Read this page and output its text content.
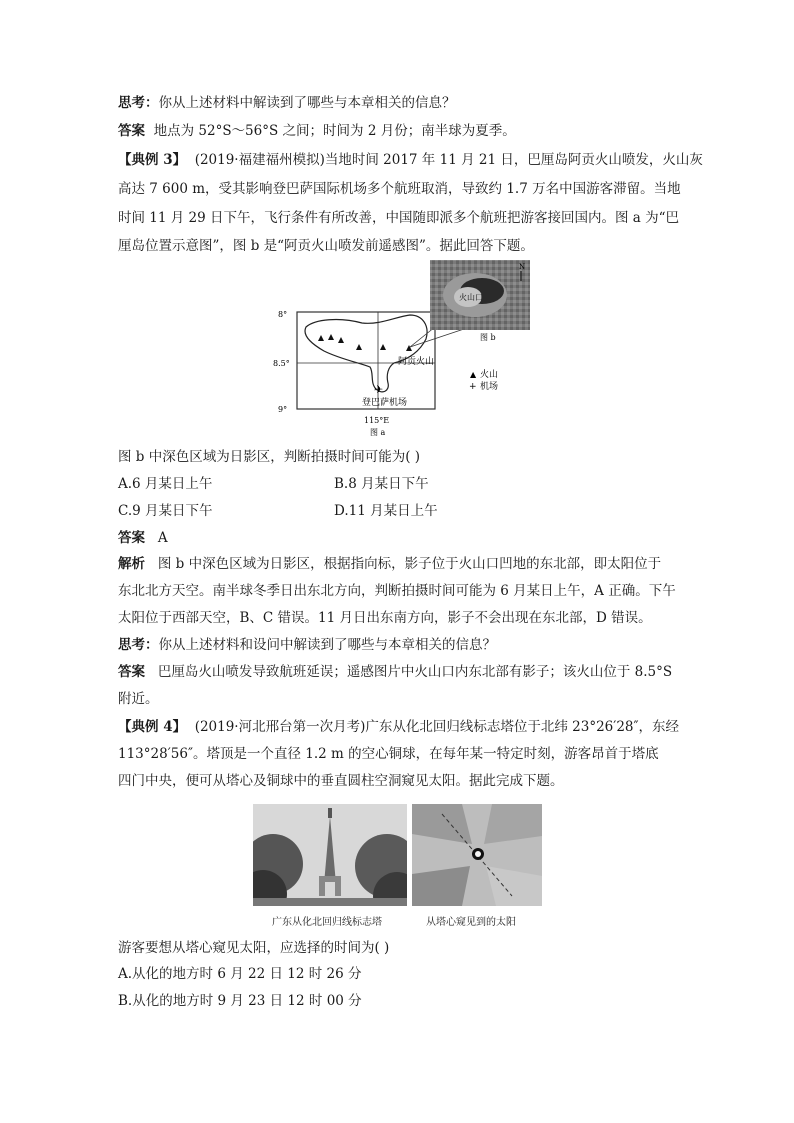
思考：你从上述材料中解读到了哪些与本章相关的信息？
答案 地点为 52°S～56°S 之间；时间为 2 月份；南半球为夏季。
【典例 3】 (2019·福建福州模拟)当地时间 2017 年 11 月 21 日，巴厘岛阿贡火山喷发，火山灰
高达 7 600 m，受其影响登巴萨国际机场多个航班取消，导致约 1.7 万名中国游客滞留。当地
时间 11 月 29 日下午，飞行条件有所改善，中国随即派多个航班把游客接回国内。图 a 为“巴
厘岛位置示意图”，图 b 是“阿贡火山喷发前遥感图”。据此回答下题。
✈
8°
8.5°
9°
115°E
图 a
阿贡火山
登巴萨机场
▲ 火山
+ 机场
火山口
N
图 b
图 b 中深色区域为日影区，判断拍摄时间可能为( )
A.6 月某日上午	B.8 月某日下午
C.9 月某日下午	D.11 月某日上午
答案 A
解析 图 b 中深色区域为日影区，根据指向标，影子位于火山口凹地的东北部，即太阳位于
东北北方天空。南半球冬季日出东北方向，判断拍摄时间可能为 6 月某日上午，A 正确。下午
太阳位于西部天空，B、C 错误。11 月日出东南方向，影子不会出现在东北部，D 错误。
思考：你从上述材料和设问中解读到了哪些与本章相关的信息？
答案 巴厘岛火山喷发导致航班延误；遥感图片中火山口内东北部有影子；该火山位于 8.5°S
附近。
【典例 4】 (2019·河北邢台第一次月考)广东从化北回归线标志塔位于北纬 23°26′28″，东经
113°28′56″。塔顶是一个直径 1.2 m 的空心铜球，在每年某一特定时刻，游客昂首于塔底
四门中央，便可从塔心及铜球中的垂直圆柱空洞窥见太阳。据此完成下题。
广东从化北回归线标志塔	从塔心窥见到的太阳
游客要想从塔心窥见太阳，应选择的时间为( )
A.从化的地方时 6 月 22 日 12 时 26 分
B.从化的地方时 9 月 23 日 12 时 00 分
